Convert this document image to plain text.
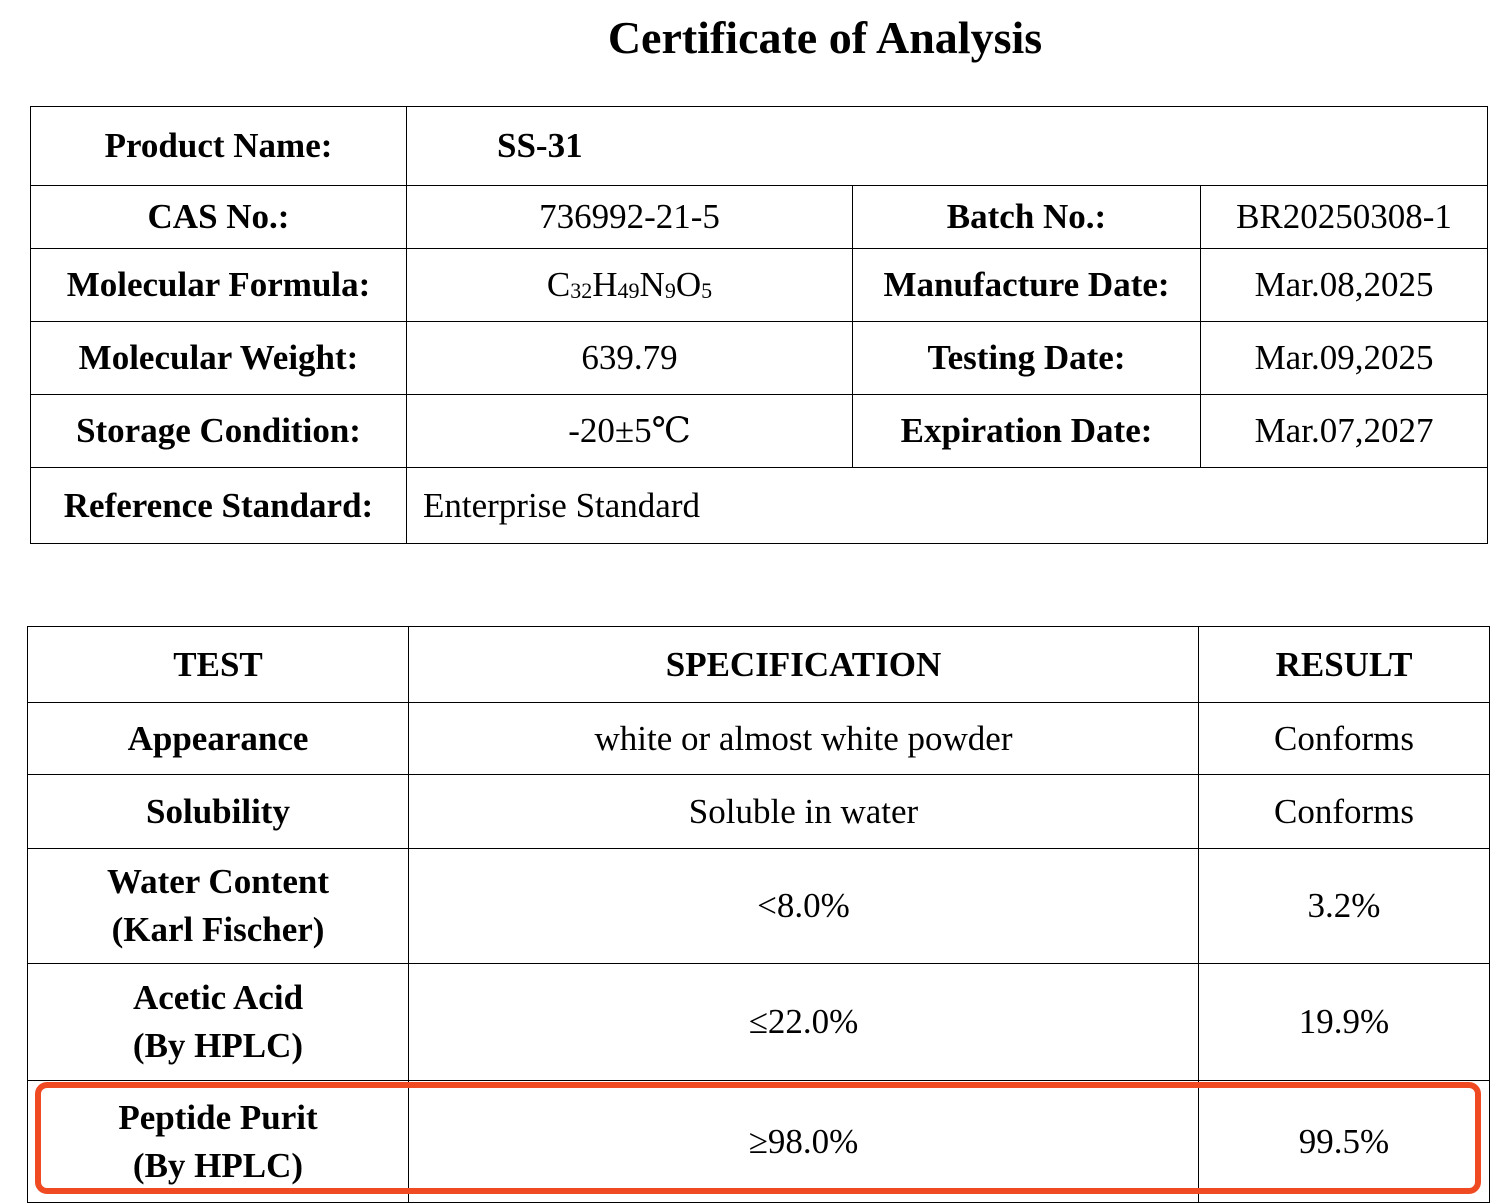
Certificate of Analysis
Product Name:	SS-31		
CAS No.:	736992-21-5	Batch No.:	BR20250308-1
Molecular Formula:	$C_{32}H_{49}N_9O_5$	Manufacture Date:	Mar.08,2025
Molecular Weight:	639.79	Testing Date:	Mar.09,2025
Storage Condition:	-20±5℃	Expiration Date:	Mar.07,2027
Reference Standard:	Enterprise Standard		
TEST	SPECIFICATION	RESULT
Appearance	white or almost white powder	Conforms
Solubility	Soluble in water	Conforms
Water Content
(Karl Fischer)	<8.0%	3.2%
Acetic Acid
(By HPLC)	≤22.0%	19.9%
Peptide Purit
(By HPLC)	≥98.0%	99.5%
